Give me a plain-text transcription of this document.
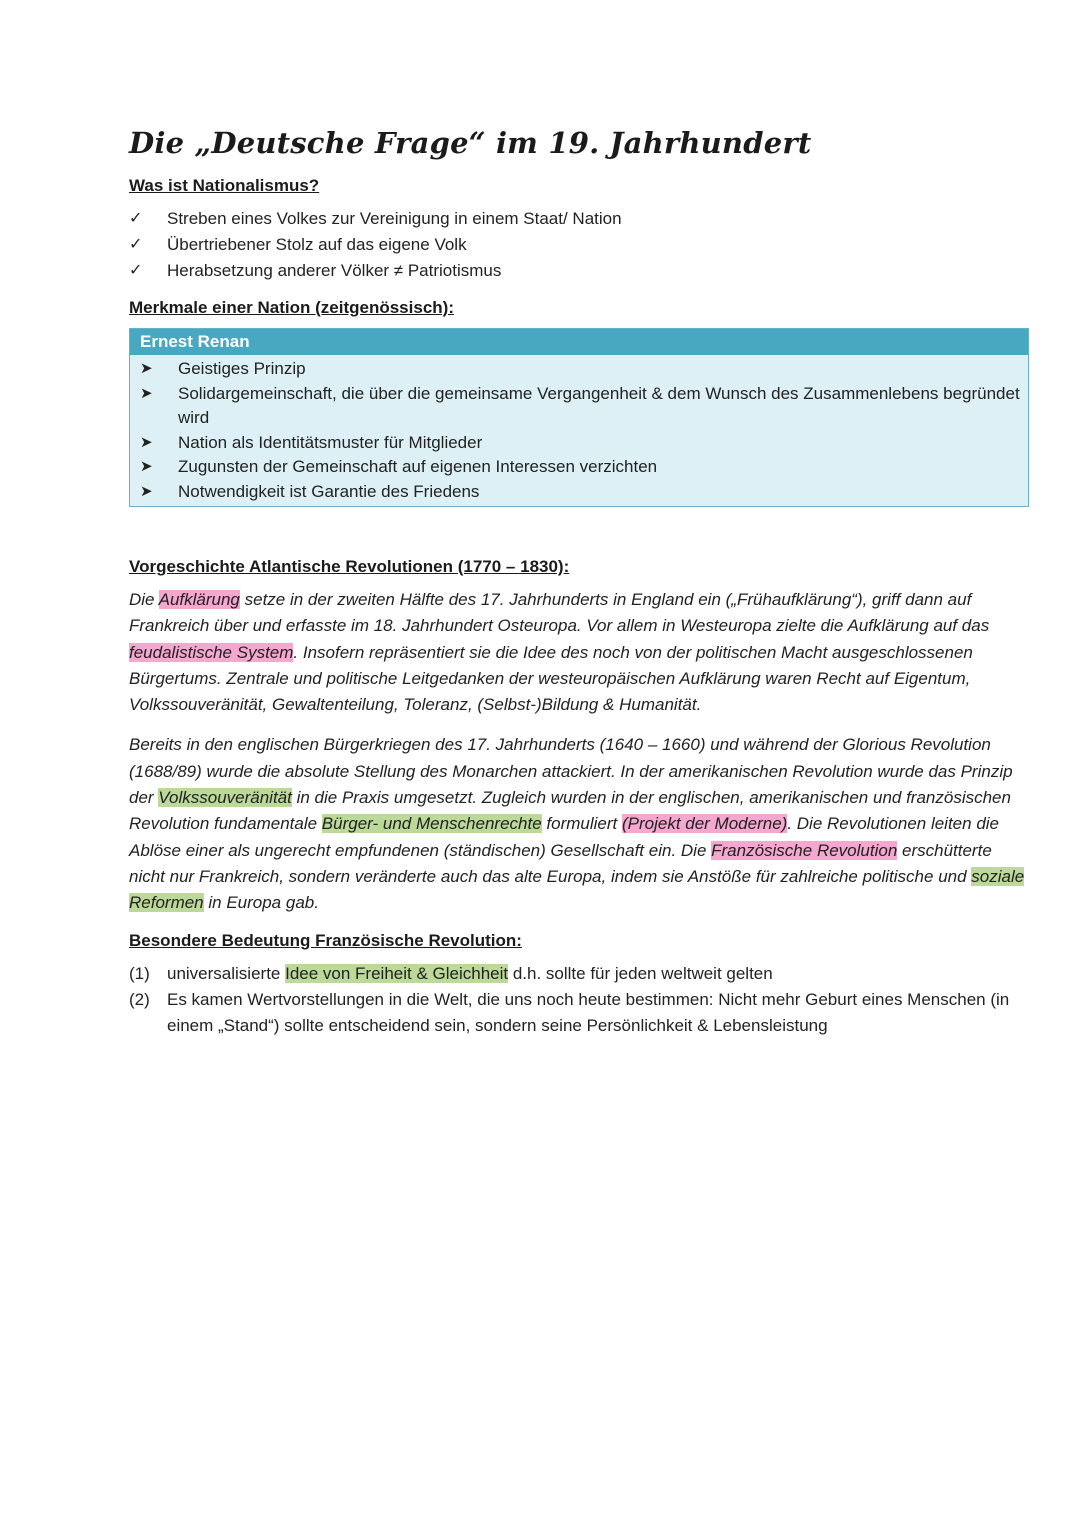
Die „Deutsche Frage“ im 19. Jahrhundert
Was ist Nationalismus?
✓	Streben eines Volkes zur Vereinigung in einem Staat/ Nation
✓	Übertriebener Stolz auf das eigene Volk
✓	Herabsetzung anderer Völker ≠ Patriotismus
Merkmale einer Nation (zeitgenössisch):
Ernest Renan
➤	Geistiges Prinzip
➤	Solidargemeinschaft, die über die gemeinsame Vergangenheit & dem Wunsch des Zusammenlebens begründet wird
➤	Nation als Identitätsmuster für Mitglieder
➤	Zugunsten der Gemeinschaft auf eigenen Interessen verzichten
➤	Notwendigkeit ist Garantie des Friedens
Vorgeschichte Atlantische Revolutionen (1770 – 1830):

Die Aufklärung setze in der zweiten Hälfte des 17. Jahrhunderts in England ein („Frühaufklärung“), griff dann auf Frankreich über und erfasste im 18. Jahrhundert Osteuropa. Vor allem in Westeuropa zielte die Aufklärung auf das feudalistische System. Insofern repräsentiert sie die Idee des noch von der politischen Macht ausgeschlossenen Bürgertums. Zentrale und politische Leitgedanken der westeuropäischen Aufklärung waren Recht auf Eigentum, Volkssouveränität, Gewaltenteilung, Toleranz, (Selbst-)Bildung & Humanität.

Bereits in den englischen Bürgerkriegen des 17. Jahrhunderts (1640 – 1660) und während der Glorious Revolution (1688/89) wurde die absolute Stellung des Monarchen attackiert. In der amerikanischen Revolution wurde das Prinzip der Volkssouveränität in die Praxis umgesetzt. Zugleich wurden in der englischen, amerikanischen und französischen Revolution fundamentale Bürger- und Menschenrechte formuliert (Projekt der Moderne). Die Revolutionen leiten die Ablöse einer als ungerecht empfundenen (ständischen) Gesellschaft ein. Die Französische Revolution erschütterte nicht nur Frankreich, sondern veränderte auch das alte Europa, indem sie Anstöße für zahlreiche politische und soziale Reformen in Europa gab.

Besondere Bedeutung Französische Revolution:
(1)	universalisierte Idee von Freiheit & Gleichheit d.h. sollte für jeden weltweit gelten
(2)	Es kamen Wertvorstellungen in die Welt, die uns noch heute bestimmen: Nicht mehr Geburt eines Menschen (in einem „Stand“) sollte entscheidend sein, sondern seine Persönlichkeit & Lebensleistung
